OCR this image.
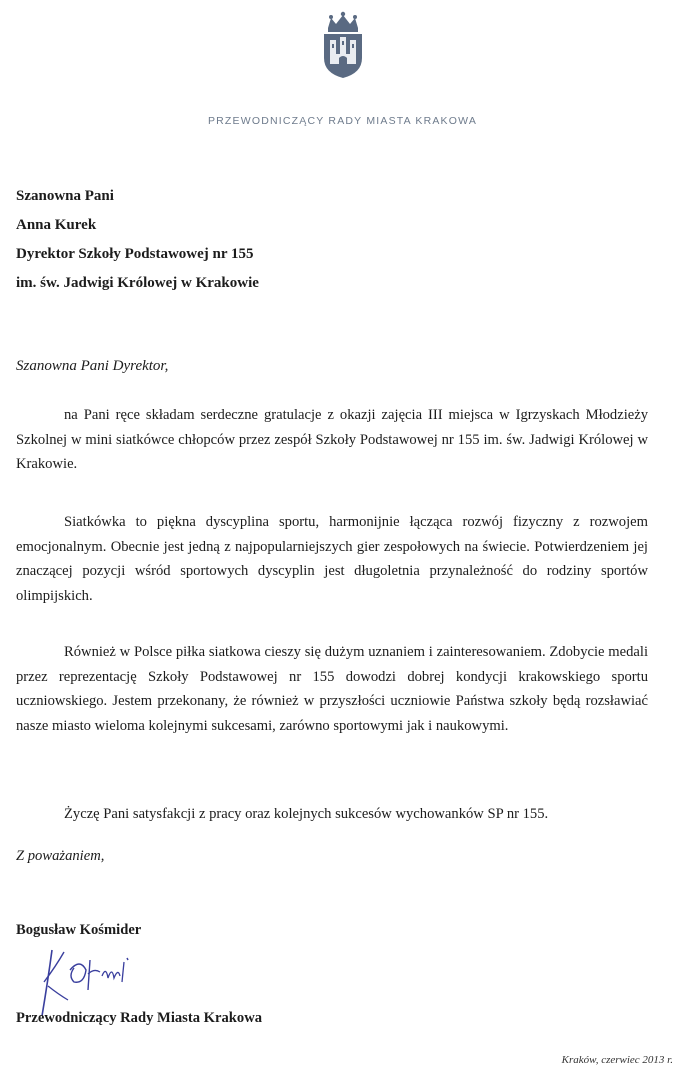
PRZEWODNICZĄCY RADY MIASTA KRAKOWA
Szanowna Pani
Anna Kurek
Dyrektor Szkoły Podstawowej nr 155
im. św. Jadwigi Królowej w Krakowie
Szanowna Pani Dyrektor,

na Pani ręce składam serdeczne gratulacje z okazji zajęcia III miejsca w Igrzyskach Młodzieży Szkolnej w mini siatkówce chłopców przez zespół Szkoły Podstawowej nr 155 im. św. Jadwigi Królowej w Krakowie.

Siatkówka to piękna dyscyplina sportu, harmonijnie łącząca rozwój fizyczny z rozwojem emocjonalnym. Obecnie jest jedną z najpopularniejszych gier zespołowych na świecie. Potwierdzeniem jej znaczącej pozycji wśród sportowych dyscyplin jest długoletnia przynależność do rodziny sportów olimpijskich.

Również w Polsce piłka siatkowa cieszy się dużym uznaniem i zainteresowaniem. Zdobycie medali przez reprezentację Szkoły Podstawowej nr 155 dowodzi dobrej kondycji krakowskiego sportu uczniowskiego. Jestem przekonany, że również w przyszłości uczniowie Państwa szkoły będą rozsławiać nasze miasto wieloma kolejnymi sukcesami, zarówno sportowymi jak i naukowymi.

Życzę Pani satysfakcji z pracy oraz kolejnych sukcesów wychowanków SP nr 155.

Z poważaniem,
Bogusław Kośmider
Przewodniczący Rady Miasta Krakowa
Kraków, czerwiec 2013 r.
